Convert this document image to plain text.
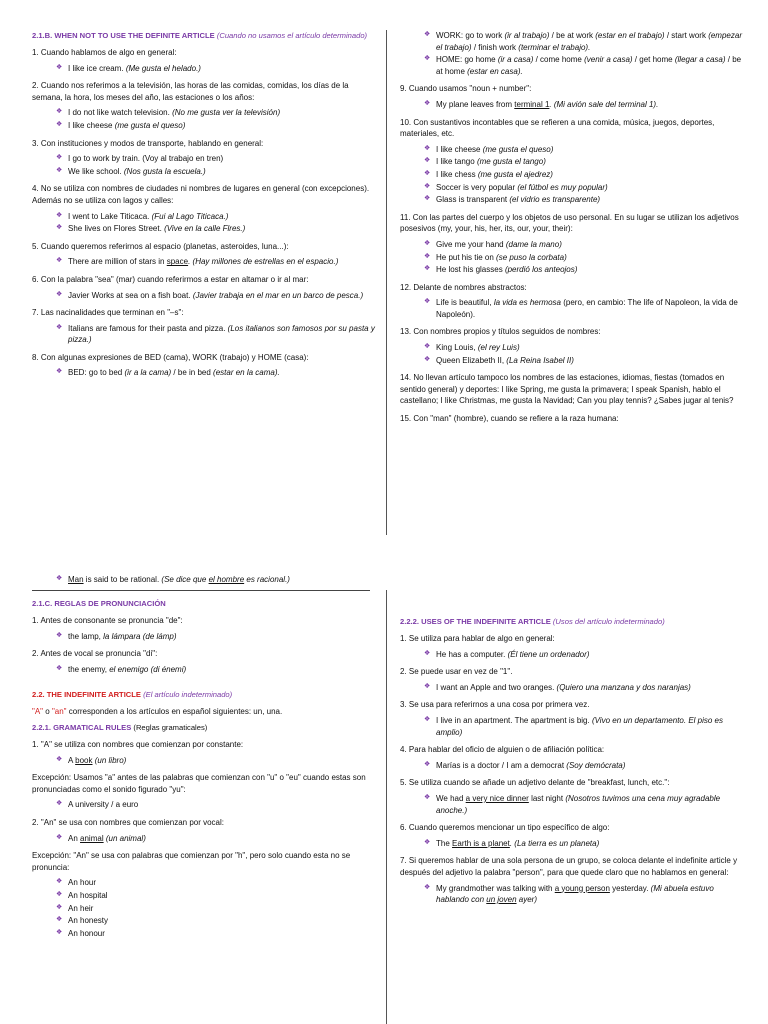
2.1.B. WHEN NOT TO USE THE DEFINITE ARTICLE (Cuando no usamos el artículo determinado)

1. Cuando hablamos de algo en general:

❖ I like ice cream. (Me gusta el helado.)

2. Cuando nos referimos a la televisión, las horas de las comidas, comidas, los días de la semana, la hora, los meses del año, las estaciones o los años:

❖ I do not like watch television. (No me gusta ver la televisión)
❖ I like cheese (me gusta el queso)

3. Con instituciones y modos de transporte, hablando en general:

❖ I go to work by train. (Voy al trabajo en tren)
❖ We like school. (Nos gusta la escuela.)

4. No se utiliza con nombres de ciudades ni nombres de lugares en general (con excepciones). Además no se utiliza con lagos y calles:

❖ I went to Lake Titicaca. (Fui al Lago Titicaca.)
❖ She lives on Flores Street. (Vive en la calle Flres.)

5. Cuando queremos referirnos al espacio (planetas, asteroides, luna...):

❖ There are million of stars in space. (Hay millones de estrellas en el espacio.)

6. Con la palabra "sea" (mar) cuando referirmos a estar en altamar o ir al mar:

❖ Javier Works at sea on a fish boat. (Javier trabaja en el mar en un barco de pesca.)

7. Las nacinalidades que terminan en "–s":

❖ Italians are famous for their pasta and pizza. (Los italianos son famosos por su pasta y pizza.)

8. Con algunas expresiones de BED (cama), WORK (trabajo) y HOME (casa):

❖ BED: go to bed (ir a la cama) / be in bed (estar en la cama).
❖ WORK: go to work (ir al trabajo) / be at work (estar en el trabajo) / start work (empezar el trabajo) / finish work (terminar el trabajo).
❖ HOME: go home (ir a casa) / come home (venir a casa) / get home (llegar a casa) / be at home (estar en casa).

9. Cuando usamos "noun + number":

❖ My plane leaves from terminal 1. (Mi avión sale del terminal 1).

10. Con sustantivos incontables que se refieren a una comida, música, juegos, deportes, materiales, etc.

❖ I like cheese (me gusta el queso)
❖ I like tango (me gusta el tango)
❖ I like chess (me gusta el ajedrez)
❖ Soccer is very popular (el fútbol es muy popular)
❖ Glass is transparent (el vidrio es transparente)

11. Con las partes del cuerpo y los objetos de uso personal. En su lugar se utilizan los adjetivos posesivos (my, your, his, her, its, our, your, their):

❖ Give me your hand (dame la mano)
❖ He put his tie on (se puso la corbata)
❖ He lost his glasses (perdió los anteojos)

12. Delante de nombres abstractos:

❖ Life is beautiful, la vida es hermosa (pero, en cambio: The life of Napoleon, la vida de Napoleón).

13. Con nombres propios y títulos seguidos de nombres:

❖ King Louis, (el rey Luis)
❖ Queen Elizabeth II, (La Reina Isabel II)

14. No llevan artículo tampoco los nombres de las estaciones, idiomas, fiestas (tomados en sentido general) y deportes: I like Spring, me gusta la primavera; I speak Spanish, hablo el castellano; I like Christmas, me gusta la Navidad; Can you play tennis? ¿Sabes jugar al tenis?

15. Con "man" (hombre), cuando se refiere a la raza humana:

❖ Man is said to be rational. (Se dice que el hombre es racional.)
2.1.C. REGLAS DE PRONUNCIACIÓN

1. Antes de consonante se pronuncia "de":

❖ the lamp, la lámpara (de lámp)

2. Antes de vocal se pronuncia "di":

❖ the enemy, el enemigo (di énemi)
2.2. THE INDEFINITE ARTICLE (El artículo indeterminado)

"A" o "an" corresponden a los artículos en español siguientes: un, una.

2.2.1. GRAMATICAL RULES (Reglas gramaticales)

1. "A" se utiliza con nombres que comienzan por constante:

❖ A book (un libro)

Excepción: Usamos "a" antes de las palabras que comienzan con "u" o "eu" cuando estas son pronunciadas como el sonido figurado "yu":

❖ A university / a euro

2. "An" se usa con nombres que comienzan por vocal:

❖ An animal (un animal)

Excepción: "An" se usa con palabras que comienzan por "h", pero solo cuando esta no se pronuncia:

❖ An hour
❖ An hospital
❖ An heir
❖ An honesty
❖ An honour
2.2.2. USES OF THE INDEFINITE ARTICLE (Usos del artículo indeterminado)

1. Se utiliza para hablar de algo en general:

❖ He has a computer. (Él tiene un ordenador)

2. Se puede usar en vez de "1".

❖ I want an Apple and two oranges. (Quiero una manzana y dos naranjas)

3. Se usa para referirnos a una cosa por primera vez.

❖ I live in an apartment. The apartment is big. (Vivo en un departamento. El piso es amplio)

4. Para hablar del oficio de alguien o de afiliación política:

❖ Marías is a doctor / I am a democrat (Soy demócrata)

5. Se utiliza cuando se añade un adjetivo delante de "breakfast, lunch, etc.":

❖ We had a very nice dinner last night (Nosotros tuvimos una cena muy agradable anoche.)

6. Cuando queremos mencionar un tipo específico de algo:

❖ The Earth is a planet. (La tierra es un planeta)

7. Si queremos hablar de una sola persona de un grupo, se coloca delante el indefinite article y después del adjetivo la palabra "person", para que quede claro que no hablamos en general:

❖ My grandmother was talking with a young person yesterday. (Mi abuela estuvo hablando con un joven ayer)
